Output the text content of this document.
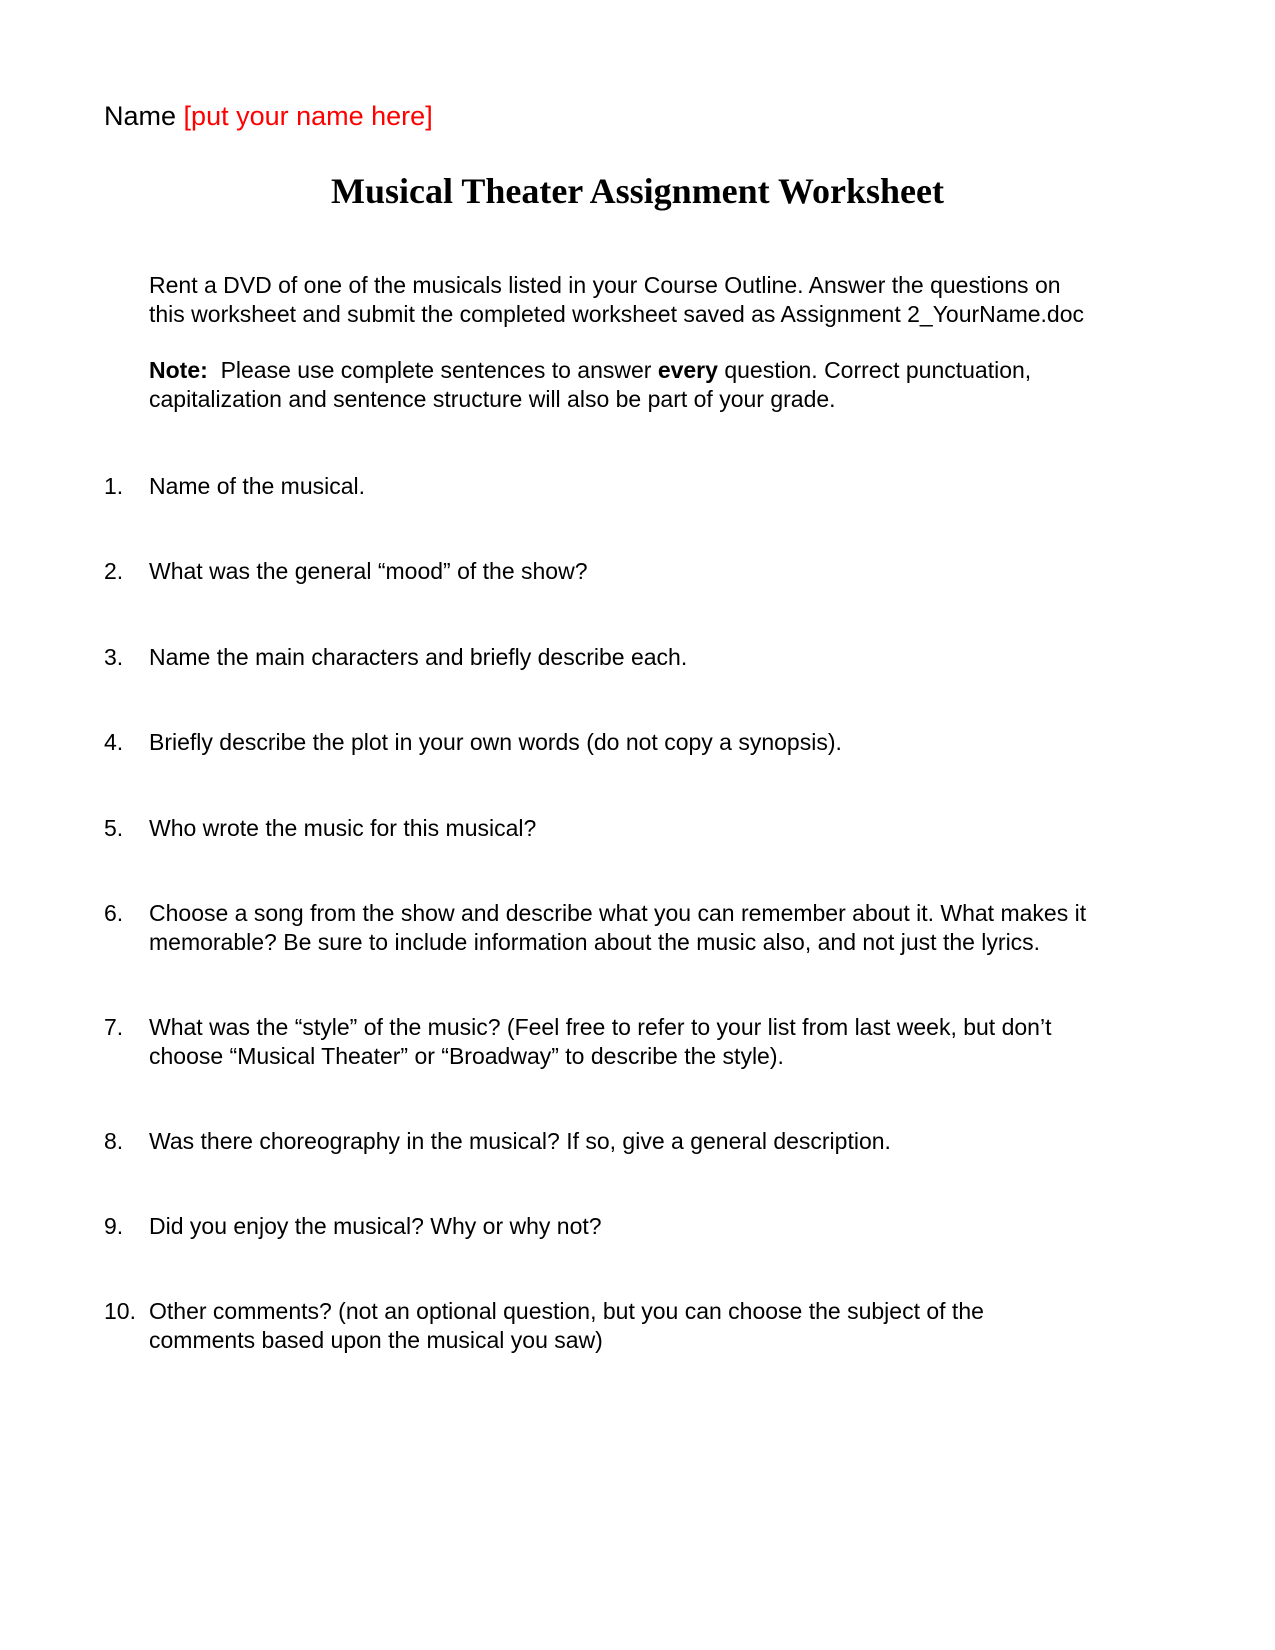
Name [put your name here]
Musical Theater Assignment Worksheet
Rent a DVD of one of the musicals listed in your Course Outline. Answer the questions on
this worksheet and submit the completed worksheet saved as Assignment 2_YourName.doc
Note: Please use complete sentences to answer every question. Correct punctuation,
capitalization and sentence structure will also be part of your grade.
1. Name of the musical.
2. What was the general “mood” of the show?
3. Name the main characters and briefly describe each.
4. Briefly describe the plot in your own words (do not copy a synopsis).
5. Who wrote the music for this musical?
6. Choose a song from the show and describe what you can remember about it. What makes it
memorable? Be sure to include information about the music also, and not just the lyrics.
7. What was the “style” of the music? (Feel free to refer to your list from last week, but don’t
choose “Musical Theater” or “Broadway” to describe the style).
8. Was there choreography in the musical? If so, give a general description.
9. Did you enjoy the musical? Why or why not?
10. Other comments? (not an optional question, but you can choose the subject of the
comments based upon the musical you saw)
